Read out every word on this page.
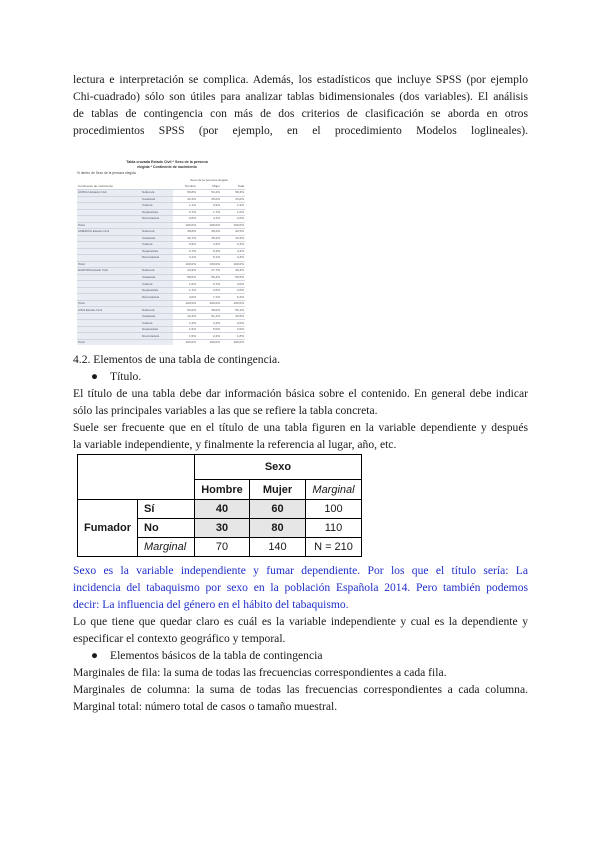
lectura e interpretación se complica. Además, los estadísticos que incluye SPSS (por ejemplo
Chi-cuadrado) sólo son útiles para analizar tablas bidimensionales (dos variables). El análisis
de tablas de contingencia con más de dos criterios de clasificación se aborda en otros
procedimientos SPSS (por ejemplo, en el procedimiento Modelos loglineales).
Tabla cruzada Estado Civil * Sexo de la persona
elegida * Continente de nacimiento
% dentro de Sexo de la persona elegida
		Sexo de la persona elegida		
Continente de nacimiento		Hombre	Mujer	Total
ÁFRICA Estado Civil	Soltero/a	59,8%	54,4%	58,4%
	Casado/a	32,2%	35,0%	33,0%
	Viudo/a	1,1%	3,9%	1,9%
	Separado/a	0,7%	1,7%	1,0%
	Divorciado/a	0,6%	4,1%	2,6%
Total		100,0%	100,0%	100,0%
AMÉRICA Estado Civil	Soltero/a	48,8%	38,2%	42,5%
	Casado/a	40,7%	45,4%	43,3%
	Viudo/a	0,9%	3,3%	2,3%
	Separado/a	2,7%	5,4%	4,3%
	Divorciado/a	3,1%	5,1%	4,3%
Total		100,0%	100,0%	100,0%
EUROPA Estado Civil	Soltero/a	34,9%	27,7%	30,4%
	Casado/a	58,6%	56,3%	56,5%
	Viudo/a	1,6%	5,7%	4,0%
	Separado/a	1,1%	2,6%	2,0%
	Divorciado/a	4,0%	7,1%	6,4%
Total		100,0%	100,0%	100,0%
ASIA Estado Civil	Soltero/a	52,0%	38,0%	50,1%
	Casado/a	43,4%	51,2%	43,5%
	Viudo/a	1,2%	3,4%	2,0%
	Separado/a	1,9%	5,0%	2,6%
	Divorciado/a	1,5%	2,4%	1,8%
Total		100,0%	100,0%	100,0%
4.2. Elementos de una tabla de contingencia.
● Título.
El título de una tabla debe dar información básica sobre el contenido. En general debe indicar
sólo las principales variables a las que se refiere la tabla concreta.
Suele ser frecuente que en el título de una tabla figuren en la variable dependiente y después
la variable independiente, y finalmente la referencia al lugar, año, etc.
		Sexo		
		Hombre	Mujer	Marginal
Fumador	Sí	40	60	100
	No	30	80	110
	Marginal	70	140	N = 210
Sexo es la variable independiente y fumar dependiente. Por los que el título sería: La
incidencia del tabaquismo por sexo en la población Española 2014. Pero también podemos
decir: La influencia del género en el hábito del tabaquismo.
Lo que tiene que quedar claro es cuál es la variable independiente y cual es la dependiente y
especificar el contexto geográfico y temporal.
● Elementos básicos de la tabla de contingencia
Marginales de fila: la suma de todas las frecuencias correspondientes a cada fila.
Marginales de columna: la suma de todas las frecuencias correspondientes a cada columna.
Marginal total: número total de casos o tamaño muestral.
